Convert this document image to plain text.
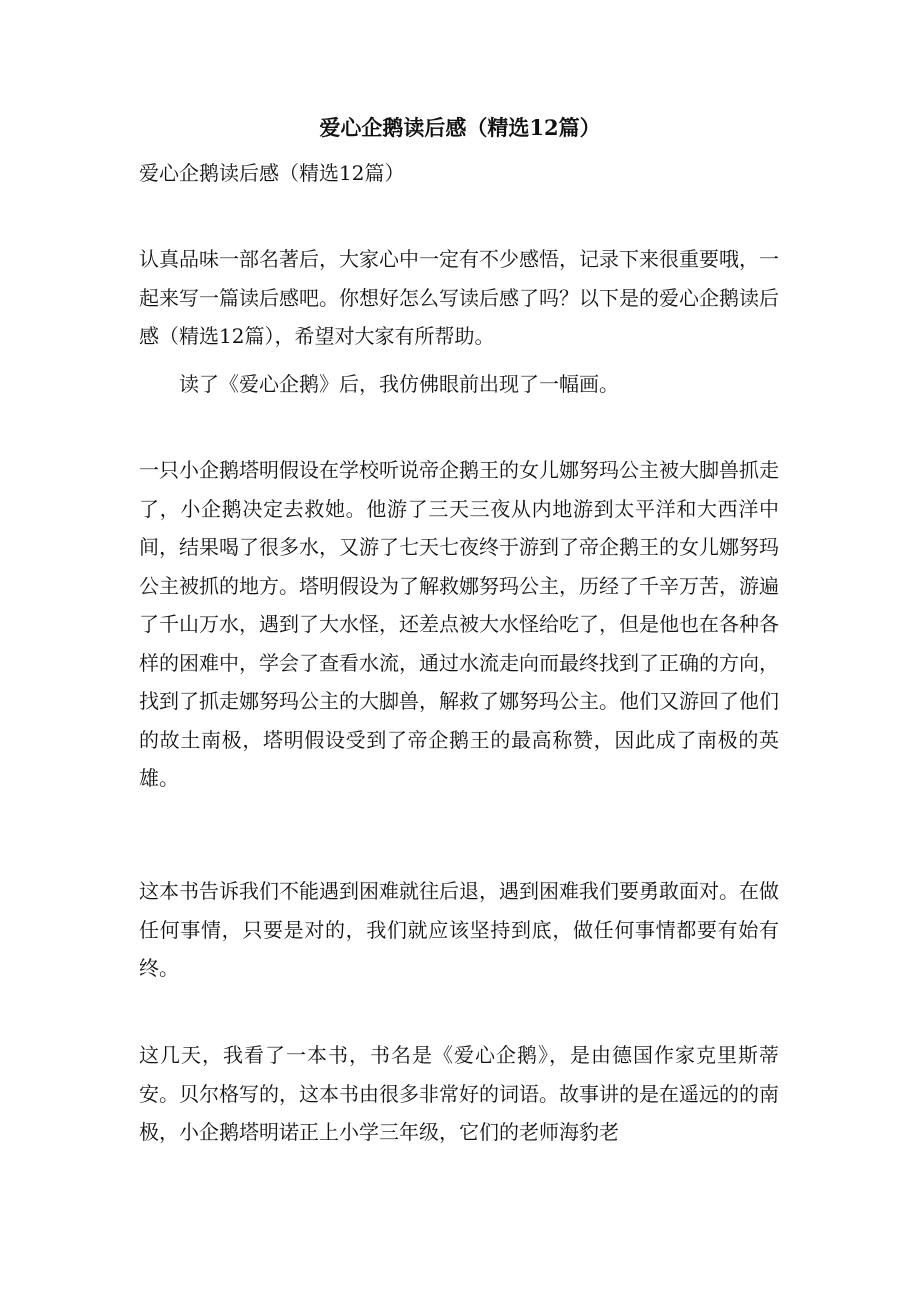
爱心企鹅读后感（精选12篇）

爱心企鹅读后感（精选12篇）

认真品味一部名著后，大家心中一定有不少感悟，记录下来很重要哦，一起来写一篇读后感吧。你想好怎么写读后感了吗？以下是的爱心企鹅读后感（精选12篇），希望对大家有所帮助。

读了《爱心企鹅》后，我仿佛眼前出现了一幅画。

一只小企鹅塔明假设在学校听说帝企鹅王的女儿娜努玛公主被大脚兽抓走了，小企鹅决定去救她。他游了三天三夜从内地游到太平洋和大西洋中间，结果喝了很多水，又游了七天七夜终于游到了帝企鹅王的女儿娜努玛公主被抓的地方。塔明假设为了解救娜努玛公主，历经了千辛万苦，游遍了千山万水，遇到了大水怪，还差点被大水怪给吃了，但是他也在各种各样的困难中，学会了查看水流，通过水流走向而最终找到了正确的方向，找到了抓走娜努玛公主的大脚兽，解救了娜努玛公主。他们又游回了他们的故土南极，塔明假设受到了帝企鹅王的最高称赞，因此成了南极的英雄。

这本书告诉我们不能遇到困难就往后退，遇到困难我们要勇敢面对。在做任何事情，只要是对的，我们就应该坚持到底，做任何事情都要有始有终。

这几天，我看了一本书，书名是《爱心企鹅》，是由德国作家克里斯蒂安。贝尔格写的，这本书由很多非常好的词语。故事讲的是在遥远的的南极，小企鹅塔明诺正上小学三年级，它们的老师海豹老
